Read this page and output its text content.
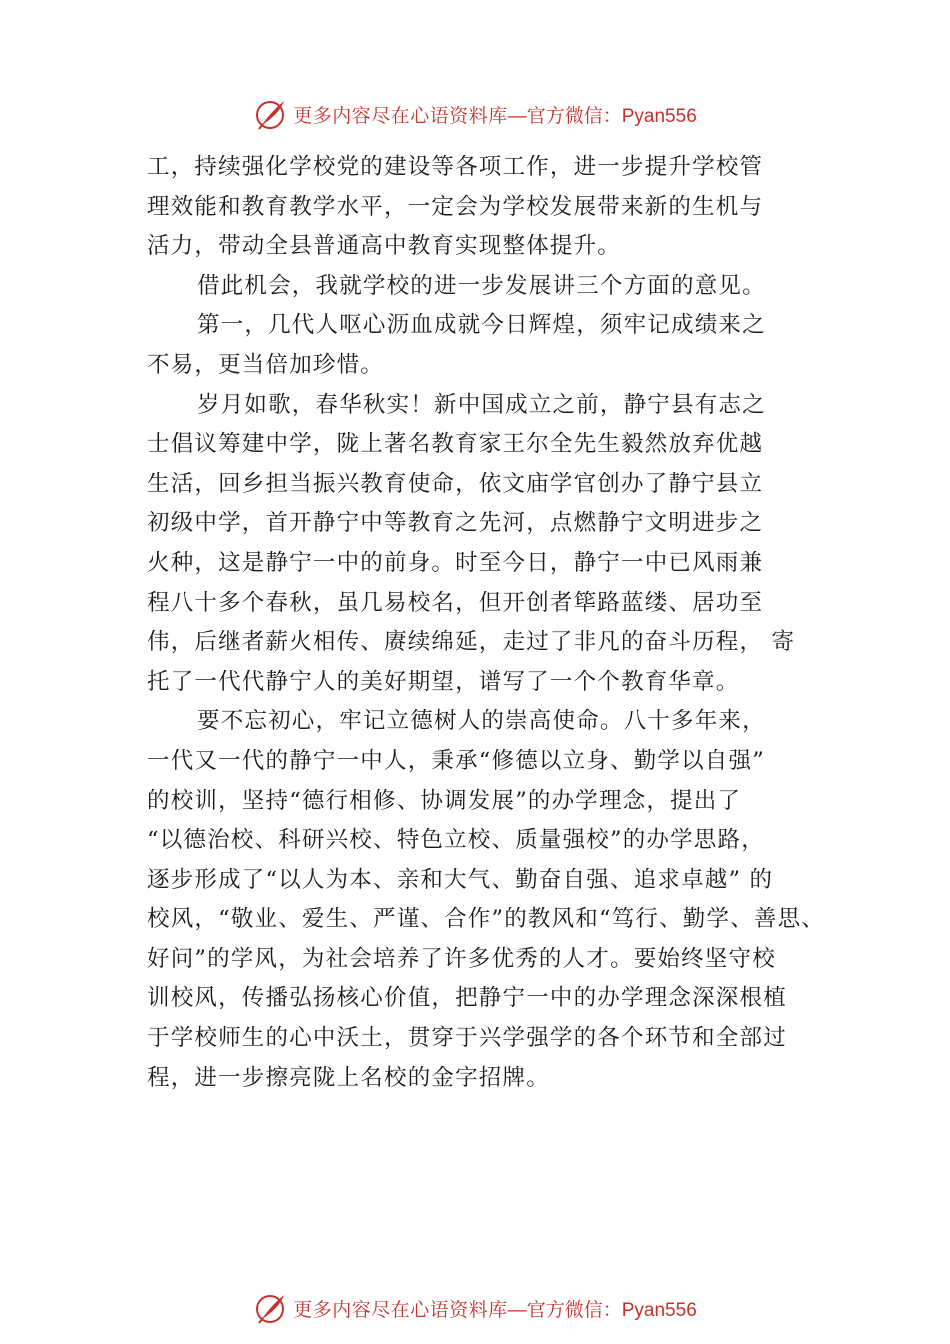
更多内容尽在心语资料库 —官方微信：Pyan556
工，持续强化学校党的建设等各项工作，进一步提升学校管
理效能和教育教学水平，一定会为学校发展带来新的生机与
活力，带动全县普通高中教育实现整体提升。
借此机会，我就学校的进一步发展讲三个方面的意见。
第一，几代人呕心沥血成就今日辉煌，须牢记成绩来之
不易，更当倍加珍惜。
岁月如歌，春华秋实！新中国成立之前，静宁县有志之
士倡议筹建中学，陇上著名教育家王尔全先生毅然放弃优越
生活，回乡担当振兴教育使命，依文庙学官创办了静宁县立
初级中学，首开静宁中等教育之先河，点燃静宁文明进步之
火种，这是静宁一中的前身。时至今日，静宁一中已风雨兼
程八十多个春秋，虽几易校名，但开创者筚路蓝缕、居功至
伟，后继者薪火相传、赓续绵延，走过了非凡的奋斗历程， 寄
托了一代代静宁人的美好期望，谱写了一个个教育华章。
要不忘初心，牢记立德树人的崇高使命。八十多年来，
一代又一代的静宁一中人，秉承“修德以立身、勤学以自强”
的校训，坚持“德行相修、协调发展”的办学理念，提出了
“以德治校、科研兴校、特色立校、质量强校”的办学思路，
逐步形成了“以人为本、亲和大气、勤奋自强、追求卓越” 的
校风，“敬业、爱生、严谨、合作”的教风和“笃行、勤学、善思、
好问”的学风，为社会培养了许多优秀的人才。要始终坚守校
训校风，传播弘扬核心价值，把静宁一中的办学理念深深根植
于学校师生的心中沃土，贯穿于兴学强学的各个环节和全部过
程，进一步擦亮陇上名校的金字招牌。
更多内容尽在心语资料库 —官方微信：Pyan556
